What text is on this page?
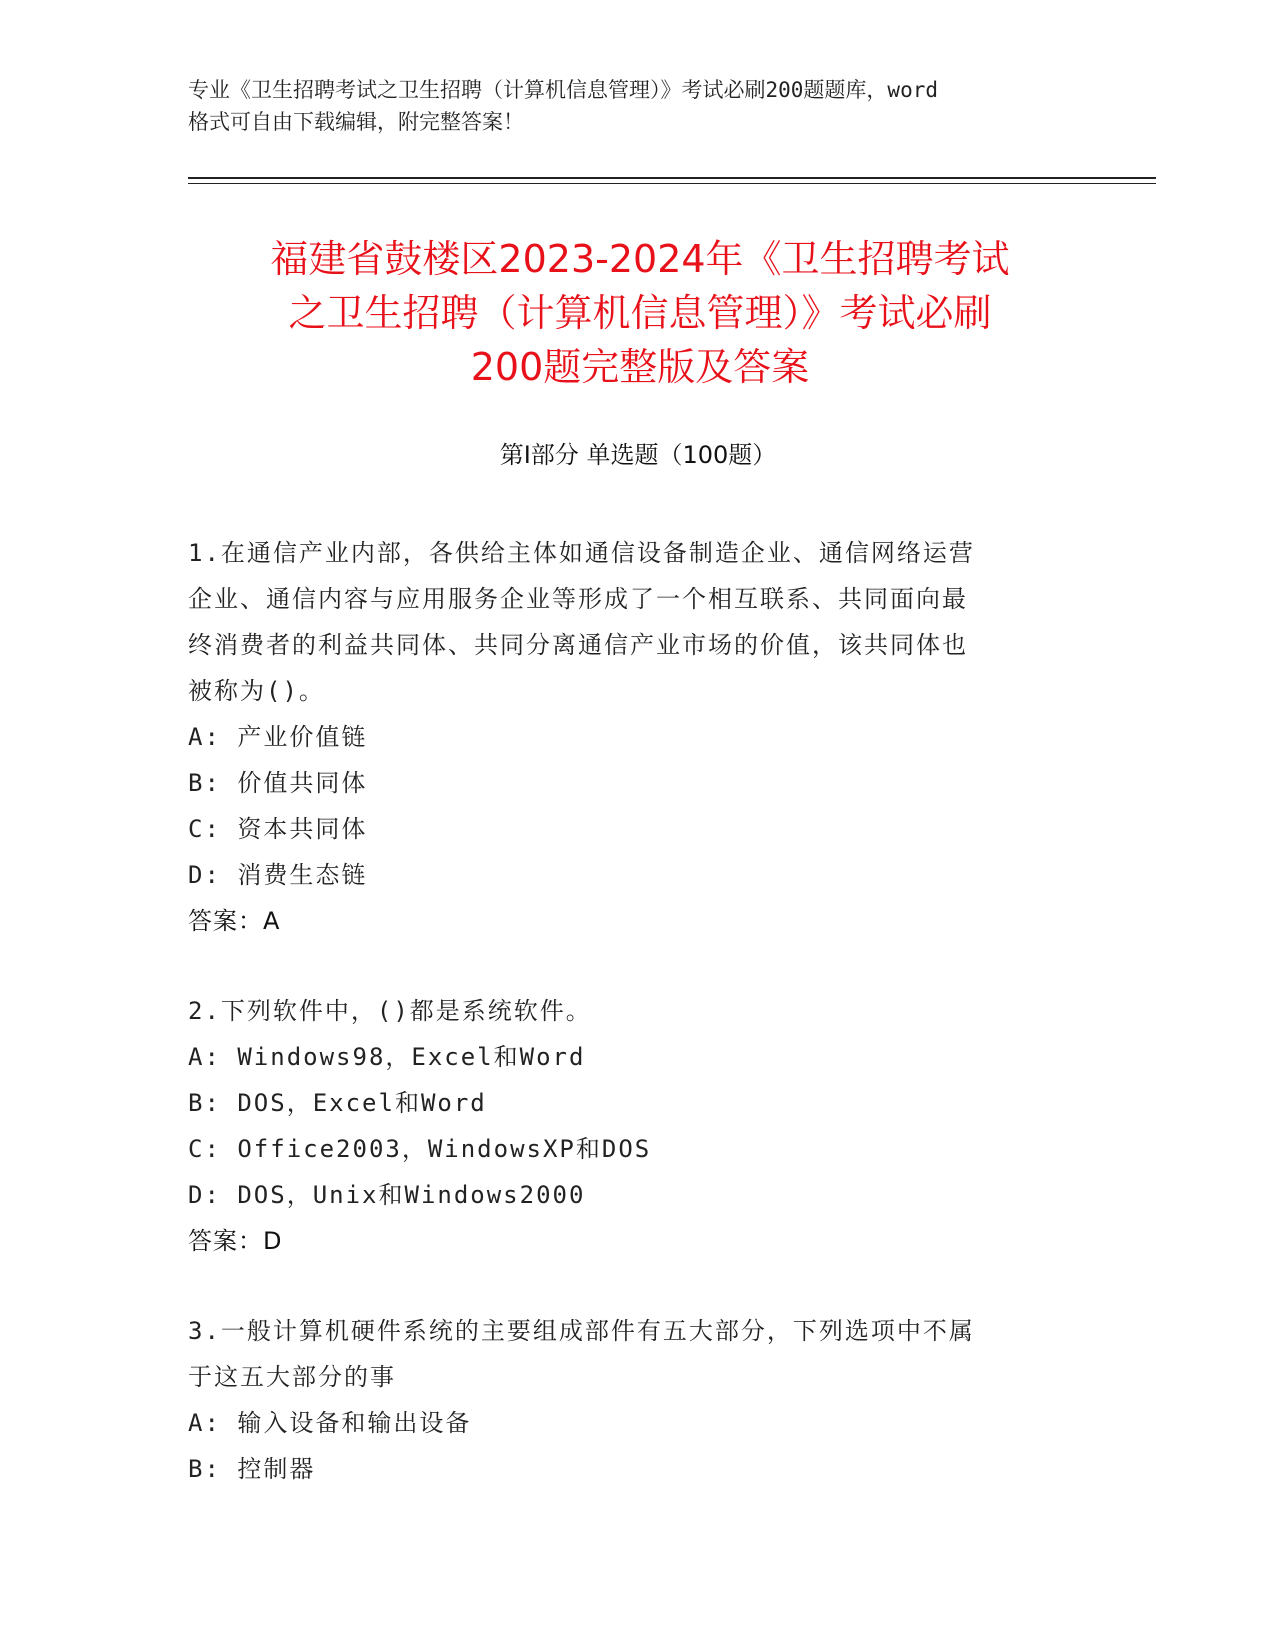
专业《卫生招聘考试之卫生招聘（计算机信息管理）》考试必刷200题题库，word
格式可自由下载编辑，附完整答案！
福建省鼓楼区2023-2024年《卫生招聘考试
之卫生招聘（计算机信息管理）》考试必刷
200题完整版及答案
第Ⅰ部分 单选题（100题）
1.在通信产业内部，各供给主体如通信设备制造企业、通信网络运营
企业、通信内容与应用服务企业等形成了一个相互联系、共同面向最
终消费者的利益共同体、共同分离通信产业市场的价值，该共同体也
被称为()。
A: 产业价值链
B: 价值共同体
C: 资本共同体
D: 消费生态链
答案：A
2.下列软件中，()都是系统软件。
A: Windows98，Excel和Word
B: DOS，Excel和Word
C: Office2003，WindowsXP和DOS
D: DOS，Unix和Windows2000
答案：D
3.一般计算机硬件系统的主要组成部件有五大部分，下列选项中不属
于这五大部分的事
A: 输入设备和输出设备
B: 控制器
